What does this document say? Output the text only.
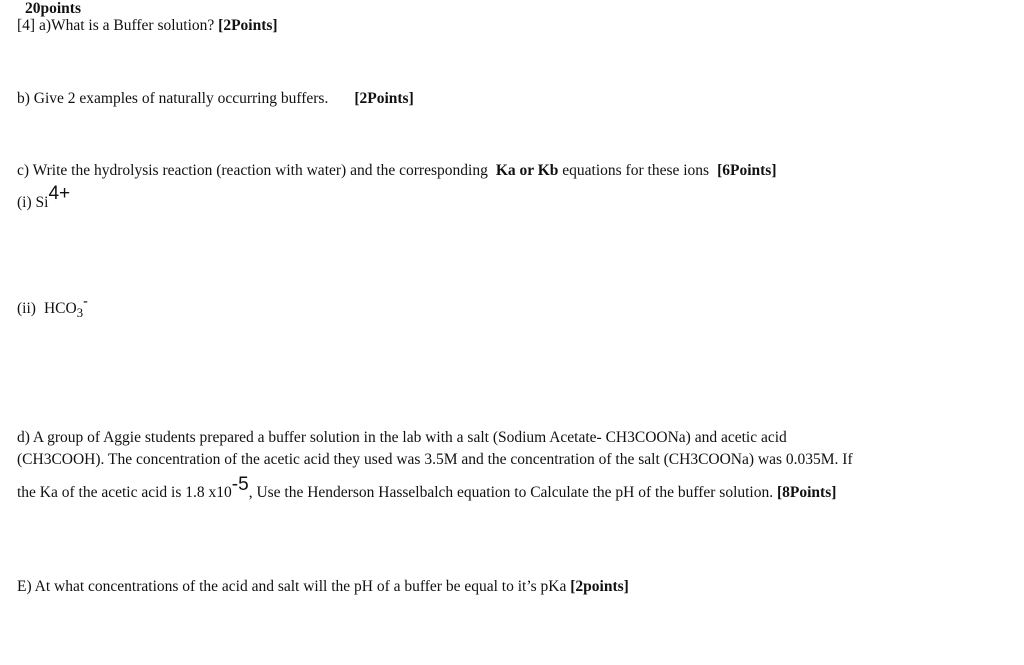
20points
[4] a)What is a Buffer solution? [2Points]
b) Give 2 examples of naturally occurring buffers. [2Points]
c) Write the hydrolysis reaction (reaction with water) and the corresponding Ka or Kb equations for these ions [6Points]
(i) Si4+
(ii) $HCO_3-$
d) A group of Aggie students prepared a buffer solution in the lab with a salt (Sodium Acetate- CH3COONa) and acetic acid
(CH3COOH). The concentration of the acetic acid they used was 3.5M and the concentration of the salt (CH3COONa) was 0.035M. If
the Ka of the acetic acid is 1.8 x10-5, Use the Henderson Hasselbalch equation to Calculate the pH of the buffer solution. [8Points]
E) At what concentrations of the acid and salt will the pH of a buffer be equal to it’s pKa [2points]
